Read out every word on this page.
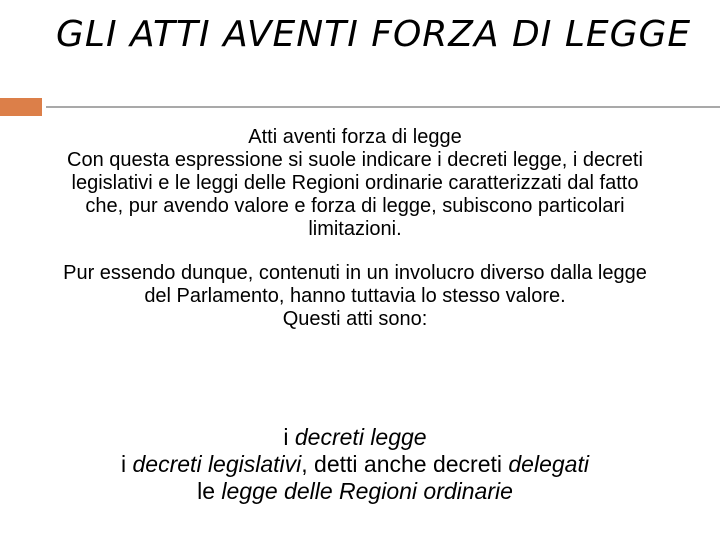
GLI ATTI AVENTI FORZA DI LEGGE

Atti aventi forza di legge

Con questa espressione si suole indicare i decreti legge, i decreti legislativi e le leggi delle Regioni ordinarie caratterizzati dal fatto che, pur avendo valore e forza di legge, subiscono particolari limitazioni.

Pur essendo dunque, contenuti in un involucro diverso dalla legge del Parlamento, hanno tuttavia lo stesso valore.

Questi atti sono:

i decreti legge

i decreti legislativi, detti anche decreti delegati

le legge delle Regioni ordinarie
